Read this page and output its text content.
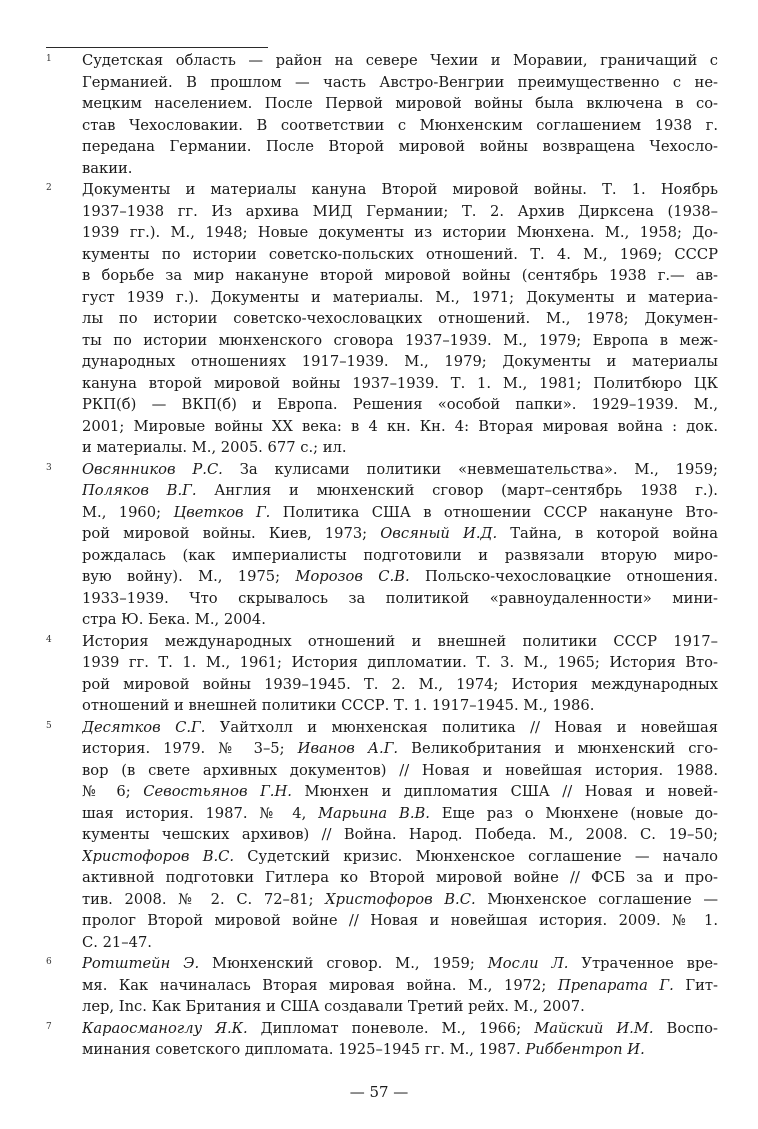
1 Судетская область — район на севере Чехии и Моравии, граничащий с
Германией. В прошлом — часть Австро-Венгрии преимущественно с не-
мецким населением. После Первой мировой войны была включена в со-
став Чехословакии. В соответствии с Мюнхенским соглашением 1938 г.
передана Германии. После Второй мировой войны возвращена Чехосло-
вакии.
2 Документы и материалы кануна Второй мировой войны. Т. 1. Ноябрь
1937–1938 гг. Из архива МИД Германии; Т. 2. Архив Дирксена (1938–
1939 гг.). М., 1948; Новые документы из истории Мюнхена. М., 1958; До-
кументы по истории советско-польских отношений. Т. 4. М., 1969; СССР
в борьбе за мир накануне второй мировой войны (сентябрь 1938 г.— ав-
густ 1939 г.). Документы и материалы. М., 1971; Документы и материа-
лы по истории советско-чехословацких отношений. М., 1978; Докумен-
ты по истории мюнхенского сговора 1937–1939. М., 1979; Европа в меж-
дународных отношениях 1917–1939. М., 1979; Документы и материалы
кануна второй мировой войны 1937–1939. Т. 1. М., 1981; Политбюро ЦК
РКП(б) — ВКП(б) и Европа. Решения «особой папки». 1929–1939. М.,
2001; Мировые войны XX века: в 4 кн. Кн. 4: Вторая мировая война : док.
и материалы. М., 2005. 677 с.; ил.
3 Овсянников Р.С. За кулисами политики «невмешательства». М., 1959;
Поляков В.Г. Англия и мюнхенский сговор (март–сентябрь 1938 г.).
М., 1960; Цветков Г. Политика США в отношении СССР накануне Вто-
рой мировой войны. Киев, 1973; Овсяный И.Д. Тайна, в которой война
рождалась (как империалисты подготовили и развязали вторую миро-
вую войну). М., 1975; Морозов С.В. Польско-чехословацкие отношения.
1933–1939. Что скрывалось за политикой «равноудаленности» мини-
стра Ю. Бека. М., 2004.
4 История международных отношений и внешней политики СССР 1917–
1939 гг. Т. 1. М., 1961; История дипломатии. Т. 3. М., 1965; История Вто-
рой мировой войны 1939–1945. Т. 2. М., 1974; История международных
отношений и внешней политики СССР. Т. 1. 1917–1945. М., 1986.
5 Десятков С.Г. Уайтхолл и мюнхенская политика // Новая и новейшая
история. 1979. № 3–5; Иванов А.Г. Великобритания и мюнхенский сго-
вор (в свете архивных документов) // Новая и новейшая история. 1988.
№ 6; Севостьянов Г.Н. Мюнхен и дипломатия США // Новая и новей-
шая история. 1987. № 4, Марьина В.В. Еще раз о Мюнхене (новые до-
кументы чешских архивов) // Война. Народ. Победа. М., 2008. С. 19–50;
Христофоров В.С. Судетский кризис. Мюнхенское соглашение — начало
активной подготовки Гитлера ко Второй мировой войне // ФСБ за и про-
тив. 2008. № 2. С. 72–81; Христофоров В.С. Мюнхенское соглашение —
пролог Второй мировой войне // Новая и новейшая история. 2009. № 1.
С. 21–47.
6 Ротштейн Э. Мюнхенский сговор. М., 1959; Мосли Л. Утраченное вре-
мя. Как начиналась Вторая мировая война. М., 1972; Препарата Г. Гит-
лер, Inc. Как Британия и США создавали Третий рейх. М., 2007.
7 Караосманоглу Я.К. Дипломат поневоле. М., 1966; Майский И.М. Воспо-
минания советского дипломата. 1925–1945 гг. М., 1987. Риббентроп И.
— 57 —
